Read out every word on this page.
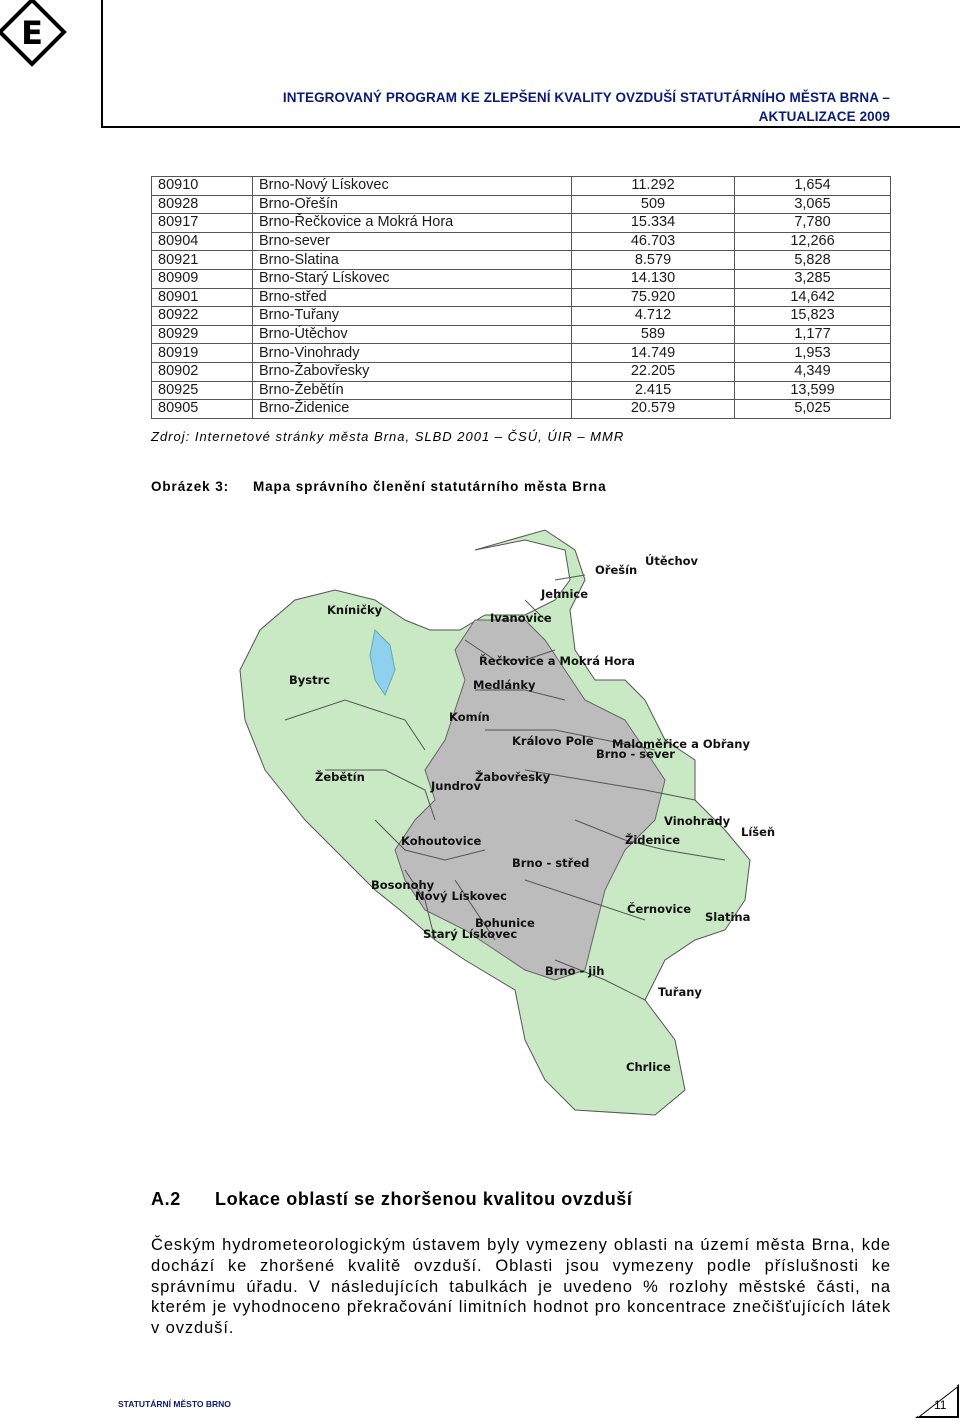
E
INTEGROVANÝ PROGRAM KE ZLEPŠENÍ KVALITY OVZDUŠÍ STATUTÁRNÍHO MĚSTA BRNA –
AKTUALIZACE 2009
80910	Brno-Nový Lískovec	11.292	1,654
80928	Brno-Ořešín	509	3,065
80917	Brno-Řečkovice a Mokrá Hora	15.334	7,780
80904	Brno-sever	46.703	12,266
80921	Brno-Slatina	8.579	5,828
80909	Brno-Starý Lískovec	14.130	3,285
80901	Brno-střed	75.920	14,642
80922	Brno-Tuřany	4.712	15,823
80929	Brno-Útěchov	589	1,177
80919	Brno-Vinohrady	14.749	1,953
80902	Brno-Žabovřesky	22.205	4,349
80925	Brno-Žebětín	2.415	13,599
80905	Brno-Židenice	20.579	5,025
Zdroj: Internetové stránky města Brna, SLBD 2001 – ČSÚ, ÚIR – MMR
Obrázek 3: Mapa správního členění statutárního města Brna
Útěchov
Ořešín
Jehnice
Ivanovice
Kníničky
Řečkovice a Mokrá Hora
Bystrc	Medlánky
Komín
Královo Pole Maloměřice a Obřany
Brno - sever
Žebětín	Žabovřesky
Jundrov
Vinohrady
Líšeň
Kohoutovice	Židenice
Brno - střed
Bosonohy
Nový Lískovec
Bohunice
Starý Lískovec
Černovice
Slatina
Brno - jih
Tuřany
Chrlice
A.2 Lokace oblastí se zhoršenou kvalitou ovzduší
Českým hydrometeorologickým ústavem byly vymezeny oblasti na území města Brna, kde dochází ke zhoršené kvalitě ovzduší. Oblasti jsou vymezeny podle příslušnosti ke správnímu úřadu. V následujících tabulkách je uvedeno % rozlohy městské části, na kterém je vyhodnoceno překračování limitních hodnot pro koncentrace znečišťujících látek v ovzduší.
STATUTÁRNÍ MĚSTO BRNO	11
